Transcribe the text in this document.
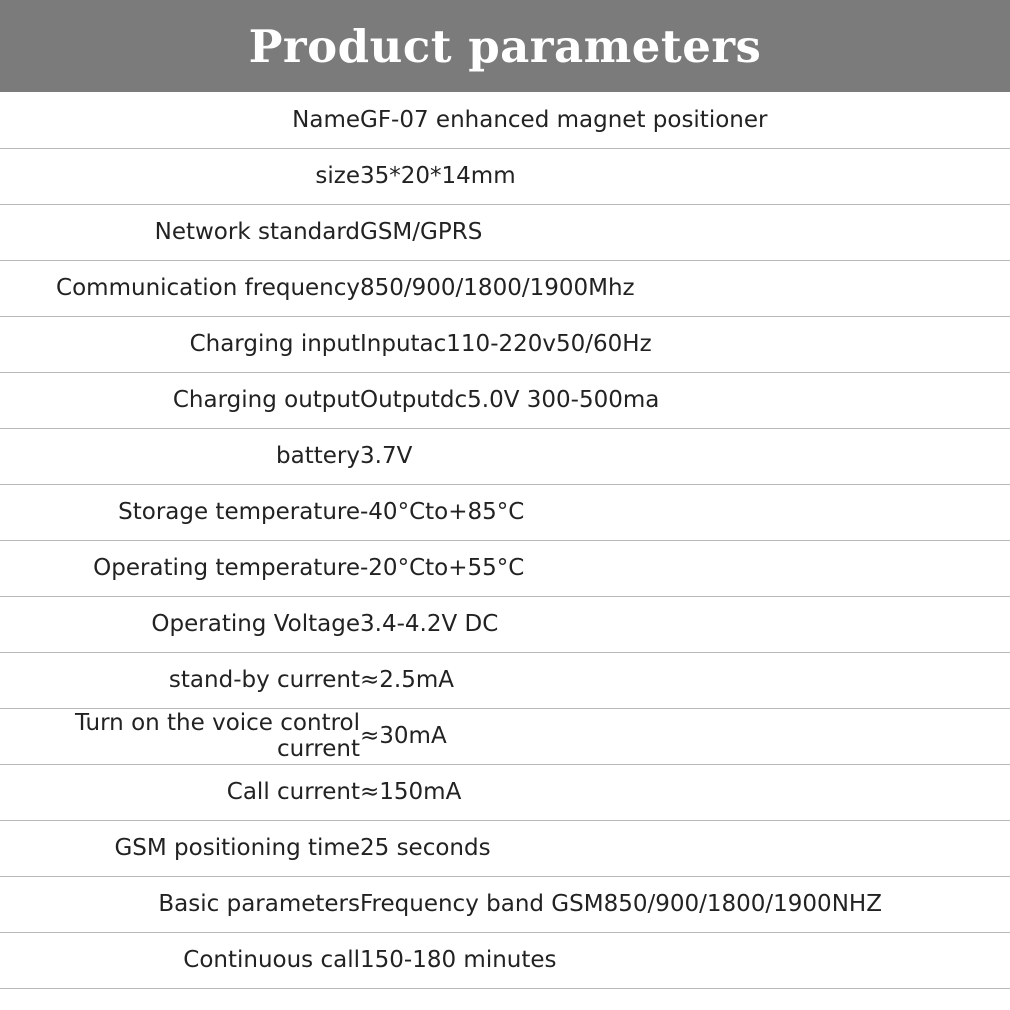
Product parameters
Name	GF-07 enhanced magnet positioner
size	35*20*14mm
Network standard	GSM/GPRS
Communication frequency	850/900/1800/1900Mhz
Charging input	Inputac110-220v50/60Hz
Charging output	Outputdc5.0V 300-500ma
battery	3.7V
Storage temperature	-40°Cto+85°C
Operating temperature	-20°Cto+55°C
Operating Voltage	3.4-4.2V DC
stand-by current	≈2.5mA
Turn on the voice control current	≈30mA
Call current	≈150mA
GSM positioning time	25 seconds
Basic parameters	Frequency band GSM850/900/1800/1900NHZ
Continuous call	150-180 minutes
